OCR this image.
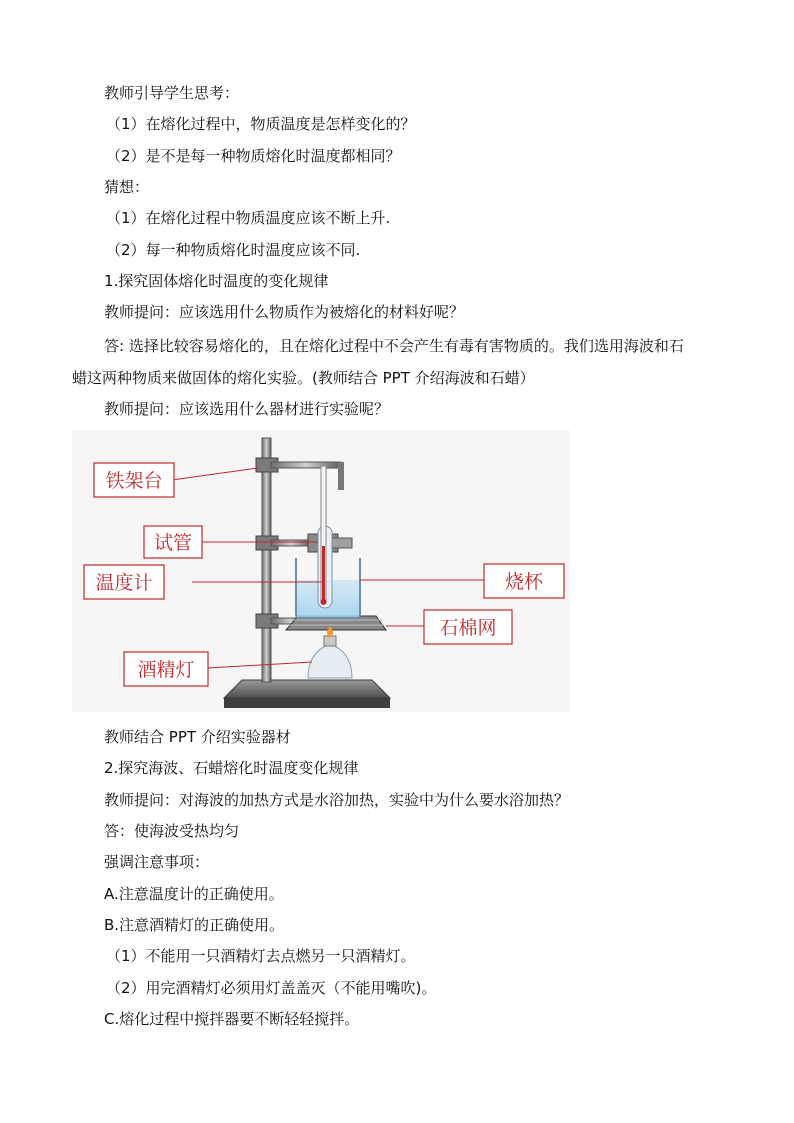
教师引导学生思考：
（1）在熔化过程中，物质温度是怎样变化的？
（2）是不是每一种物质熔化时温度都相同？
猜想：
（1）在熔化过程中物质温度应该不断上升.
（2）每一种物质熔化时温度应该不同.
1.探究固体熔化时温度的变化规律
教师提问：应该选用什么物质作为被熔化的材料好呢？
答: 选择比较容易熔化的，且在熔化过程中不会产生有毒有害物质的。我们选用海波和石
蜡这两种物质来做固体的熔化实验。(教师结合 PPT 介绍海波和石蜡）
教师提问：应该选用什么器材进行实验呢？
铁架台
试管
温度计	烧杯
石棉网
酒精灯
教师结合 PPT 介绍实验器材
2.探究海波、石蜡熔化时温度变化规律
教师提问：对海波的加热方式是水浴加热，实验中为什么要水浴加热？
答：使海波受热均匀
强调注意事项：
A.注意温度计的正确使用。
B.注意酒精灯的正确使用。
（1）不能用一只酒精灯去点燃另一只酒精灯。
（2）用完酒精灯必须用灯盖盖灭（不能用嘴吹)。
C.熔化过程中搅拌器要不断轻轻搅拌。
